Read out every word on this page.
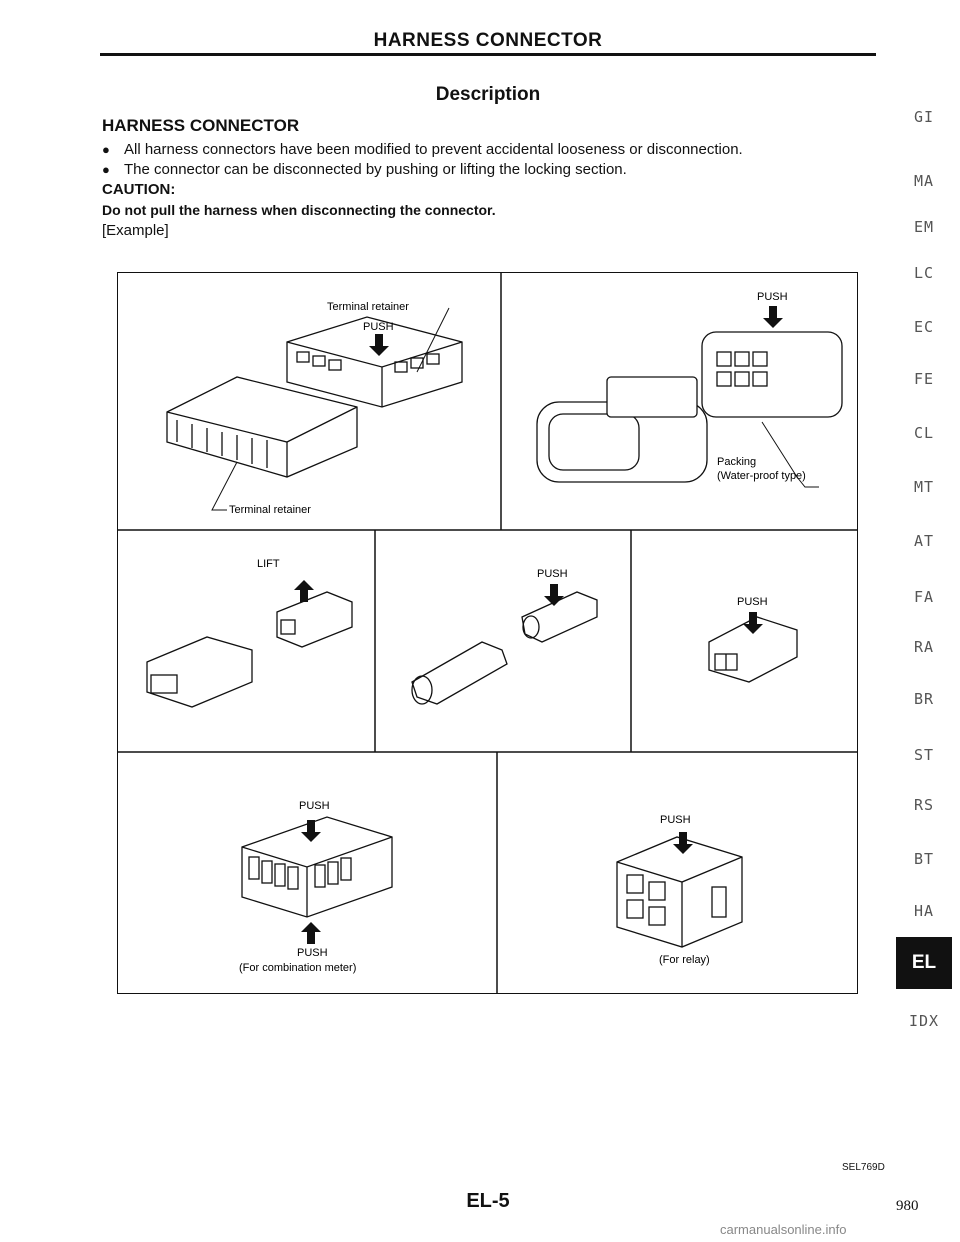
HARNESS CONNECTOR
Description
HARNESS CONNECTOR
● All harness connectors have been modified to prevent accidental looseness or disconnection.
● The connector can be disconnected by pushing or lifting the locking section.
CAUTION:
Do not pull the harness when disconnecting the connector.
[Example]
Terminal retainer
PUSH
Terminal retainer
PUSH
Packing
(Water-proof type)
LIFT
PUSH
PUSH
PUSH
PUSH
(For combination meter)
PUSH
(For relay)
GI
MA
EM
LC
EC
FE
CL
MT
AT
FA
RA
BR
ST
RS
BT
HA
EL
IDX
SEL769D
EL-5	980
carmanualsonline.info
